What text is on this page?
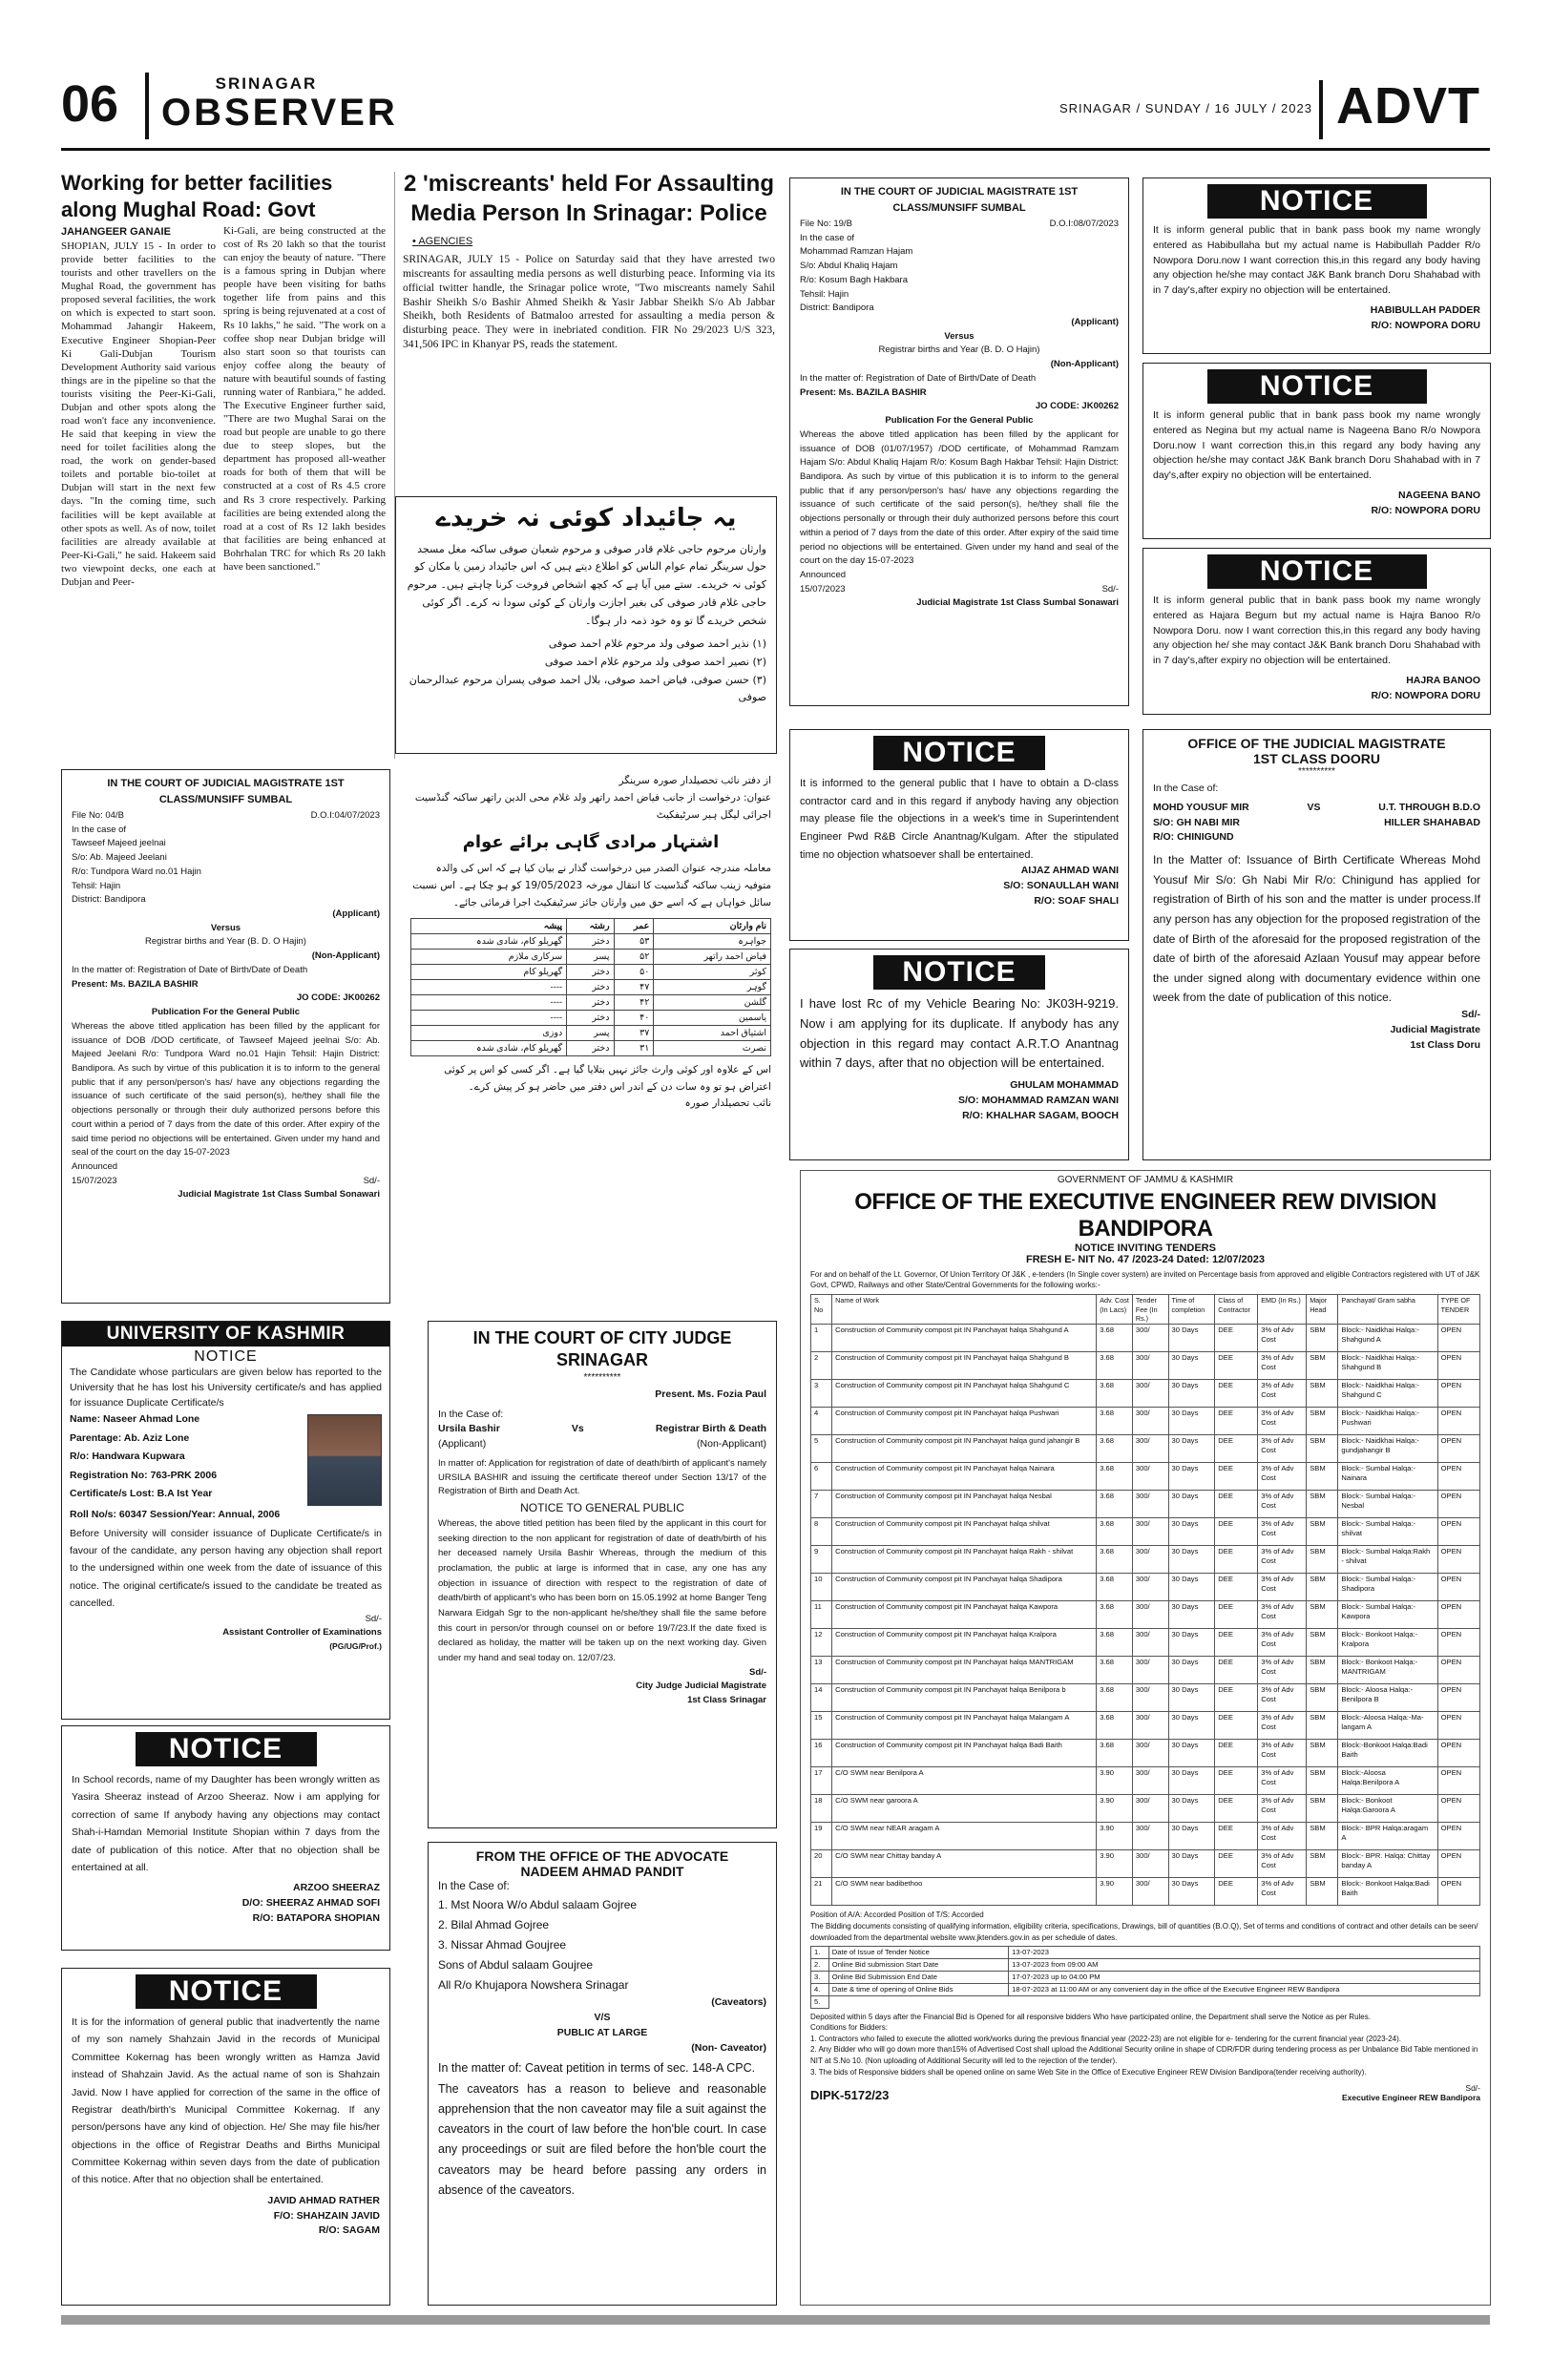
06	SRINAGAR
OBSERVER	SRINAGAR / SUNDAY / 16 JULY / 2023 ADVT
Working for better facilities along Mughal Road: Govt
JAHANGEER GANAIE
SHOPIAN, JULY 15 - In order to provide better facilities to the tourists and other travellers on the Mughal Road, the government has proposed several facilities, the work on which is expected to start soon. Mohammad Jahangir Hakeem, Executive Engineer Shopian-Peer Ki Gali-Dubjan Tourism Development Authority said various things are in the pipeline so that the tourists visiting the Peer-Ki-Gali, Dubjan and other spots along the road won't face any inconvenience. He said that keeping in view the need for toilet facilities along the road, the work on gender-based toilets and portable bio-toilet at Dubjan will start in the next few days. "In the coming time, such facilities will be kept available at other spots as well. As of now, toilet facilities are already available at Peer-Ki-Gali," he said. Hakeem said two viewpoint decks, one each at Dubjan and Peer-
Ki-Gali, are being constructed at the cost of Rs 20 lakh so that the tourist can enjoy the beauty of nature. "There is a famous spring in Dubjan where people have been visiting for baths together life from pains and this spring is being rejuvenated at a cost of Rs 10 lakhs," he said. "The work on a coffee shop near Dubjan bridge will also start soon so that tourists can enjoy coffee along the beauty of nature with beautiful sounds of fasting running water of Ranbiara," he added. The Executive Engineer further said, "There are two Mughal Sarai on the road but people are unable to go there due to steep slopes, but the department has proposed all-weather roads for both of them that will be constructed at a cost of Rs 4.5 crore and Rs 3 crore respectively. Parking facilities are being extended along the road at a cost of Rs 12 lakh besides that facilities are being enhanced at Bohrhalan TRC for which Rs 20 lakh have been sanctioned."
2 'miscreants' held For Assaulting Media Person In Srinagar: Police
• AGENCIES
SRINAGAR, JULY 15 - Police on Saturday said that they have arrested two miscreants for assaulting media persons as well disturbing peace. Informing via its official twitter handle, the Srinagar police wrote, "Two miscreants namely Sahil Bashir Sheikh S/o Bashir Ahmed Sheikh & Yasir Jabbar Sheikh S/o Ab Jabbar Sheikh, both Residents of Batmaloo arrested for assaulting a media person & disturbing peace. They were in inebriated condition. FIR No 29/2023 U/S 323, 341,506 IPC in Khanyar PS, reads the statement.
یہ جائیداد کوئی نہ خریدے
وارثان مرحوم حاجی غلام قادر صوفی و مرحوم شعبان صوفی ساکنہ مغل مسجد حول سرینگر تمام عوام الناس کو اطلاع دیتے ہیں کہ اس جائیداد زمین یا مکان کو کوئی نہ خریدے۔ ستے میں آیا ہے کہ کچھ اشخاص فروخت کرنا چاہتے ہیں۔ مرحوم حاجی غلام قادر صوفی کی بغیر اجازت وارثان کے کوئی سودا نہ کرے۔ اگر کوئی شخص خریدے گا تو وہ خود ذمہ دار ہوگا۔
(۱) نذیر احمد صوفی ولد مرحوم غلام احمد صوفی
(۲) نصیر احمد صوفی ولد مرحوم غلام احمد صوفی
(۳) حسن صوفی، فیاض احمد صوفی، بلال احمد صوفی پسران مرحوم عبدالرحمان صوفی
IN THE COURT OF JUDICIAL MAGISTRATE 1ST CLASS/MUNSIFF SUMBAL
File No: 19/B	D.O.I:08/07/2023
In the case of
Mohammad Ramzan Hajam
S/o: Abdul Khaliq Hajam
R/o: Kosum Bagh Hakbara
Tehsil: Hajin
District: Bandipora
(Applicant)
Versus
Registrar births and Year (B. D. O Hajin)
(Non-Applicant)
In the matter of: Registration of Date of Birth/Date of Death
Present: Ms. BAZILA BASHIR
JO CODE: JK00262
Publication For the General Public
Whereas the above titled application has been filled by the applicant for issuance of DOB (01/07/1957) /DOD certificate, of Mohammad Ramzam Hajam S/o: Abdul Khaliq Hajam R/o: Kosum Bagh Hakbar Tehsil: Hajin District: Bandipora. As such by virtue of this publication it is to inform to the general public that if any person/person's has/ have any objections regarding the issuance of such certificate of the said person(s), he/they shall file the objections personally or through their duly authorized persons before this court within a period of 7 days from the date of this order. After expiry of the said time period no objections will be entertained. Given under my hand and seal of the court on the day 15-07-2023
Announced
15/07/2023	Sd/-
Judicial Magistrate 1st Class Sumbal Sonawari
NOTICE
It is inform general public that in bank pass book my name wrongly entered as Habibullaha but my actual name is Habibullah Padder R/o Nowpora Doru.now I want correction this,in this regard any body having any objection he/she may contact J&K Bank branch Doru Shahabad with in 7 day's,after expiry no objection will be entertained.
HABIBULLAH PADDER
R/O: NOWPORA DORU
NOTICE
It is inform general public that in bank pass book my name wrongly entered as Negina but my actual name is Nageena Bano R/o Nowpora Doru.now I want correction this,in this regard any body having any objection he/she may contact J&K Bank branch Doru Shahabad with in 7 day's,after expiry no objection will be entertained.
NAGEENA BANO
R/O: NOWPORA DORU
NOTICE
It is inform general public that in bank pass book my name wrongly entered as Hajara Begum but my actual name is Hajra Banoo R/o Nowpora Doru. now I want correction this,in this regard any body having any objection he/ she may contact J&K Bank branch Doru Shahabad with in 7 day's,after expiry no objection will be entertained.
HAJRA BANOO
R/O: NOWPORA DORU
IN THE COURT OF JUDICIAL MAGISTRATE 1ST CLASS/MUNSIFF SUMBAL
File No: 04/B	D.O.I:04/07/2023
In the case of
Tawseef Majeed jeelnai
S/o: Ab. Majeed Jeelani
R/o: Tundpora Ward no.01 Hajin
Tehsil: Hajin
District: Bandipora
(Applicant)
Versus
Registrar births and Year (B. D. O Hajin)
(Non-Applicant)
In the matter of: Registration of Date of Birth/Date of Death
Present: Ms. BAZILA BASHIR
JO CODE: JK00262
Publication For the General Public
Whereas the above titled application has been filled by the applicant for issuance of DOB /DOD certificate, of Tawseef Majeed jeelnai S/o: Ab. Majeed Jeelani R/o: Tundpora Ward no.01 Hajin Tehsil: Hajin District: Bandipora. As such by virtue of this publication it is to inform to the general public that if any person/person's has/ have any objections regarding the issuance of such certificate of the said person(s), he/they shall file the objections personally or through their duly authorized persons before this court within a period of 7 days from the date of this order. After expiry of the said time period no objections will be entertained. Given under my hand and seal of the court on the day 15-07-2023
Announced
15/07/2023	Sd/-
Judicial Magistrate 1st Class Sumbal Sonawari
از دفتر نائب تحصیلدار صورہ سرینگر
عنوان: درخواست از جانب فیاض احمد راتھر ولد غلام محی الدین راتھر ساکنہ گنڈسیت اجرائی لیگل ہیر سرٹیفکیٹ
اشتہار مرادی گاہی برائے عوام
معاملہ مندرجہ عنوان الصدر میں درخواست گذار نے بیان کیا ہے کہ اس کی والدہ متوفیہ زینب ساکنہ گنڈسیت کا انتقال مورخہ 19/05/2023 کو ہو چکا ہے۔ اس نسبت سائل خواہاں ہے کہ اسے حق میں وارثان جائز سرٹیفکیٹ اجرا فرمائی جائے۔
نام وارثان	عمر	رشتہ	پیشہ
جواہرہ	۵۳	دختر	گھریلو کام، شادی شدہ
فیاض احمد راتھر	۵۲	پسر	سرکاری ملازم
کوثر	۵۰	دختر	گھریلو کام
گوہر	۴۷	دختر	----
گلشن	۴۲	دختر	----
یاسمین	۴۰	دختر	----
اشتیاق احمد	۳۷	پسر	دوزی
نصرت	۳۱	دختر	گھریلو کام، شادی شدہ
اس کے علاوہ اور کوئی وارث جائز نہیں بتلایا گیا ہے۔ اگر کسی کو اس پر کوئی اعتراض ہو تو وہ سات دن کے اندر اس دفتر میں حاضر ہو کر پیش کرے۔
نائب تحصیلدار صورہ
NOTICE
It is informed to the general public that I have to obtain a D-class contractor card and in this regard if anybody having any objection may please file the objections in a week's time in Superintendent Engineer Pwd R&B Circle Anantnag/Kulgam. After the stipulated time no objection whatsoever shall be entertained.
AIJAZ AHMAD WANI
S/O: SONAULLAH WANI
R/O: SOAF SHALI
NOTICE
I have lost Rc of my Vehicle Bearing No: JK03H-9219. Now i am applying for its duplicate. If anybody has any objection in this regard may contact A.R.T.O Anantnag within 7 days, after that no objection will be entertained.
GHULAM MOHAMMAD
S/O: MOHAMMAD RAMZAN WANI
R/O: KHALHAR SAGAM, BOOCH
OFFICE OF THE JUDICIAL MAGISTRATE
1ST CLASS DOORU
**********
In the Case of:
MOHD YOUSUF MIR	VS	U.T. THROUGH B.D.O
S/O: GH NABI MIR	HILLER SHAHABAD
R/O: CHINIGUND
In the Matter of: Issuance of Birth Certificate Whereas Mohd Yousuf Mir S/o: Gh Nabi Mir R/o: Chinigund has applied for registration of Birth of his son and the matter is under process.If any person has any objection for the proposed registration of the date of Birth of the aforesaid for the proposed registration of the date of birth of the aforesaid Azlaan Yousuf may appear before the under signed along with documentary evidence within one week from the date of publication of this notice.
Sd/-
Judicial Magistrate
1st Class Doru
GOVERNMENT OF JAMMU & KASHMIR
OFFICE OF THE EXECUTIVE ENGINEER REW DIVISION BANDIPORA
NOTICE INVITING TENDERS
FRESH E- NIT No. 47 /2023-24 Dated: 12/07/2023
For and on behalf of the Lt. Governor, Of Union Territory Of J&K , e-tenders (In Single cover system) are invited on Percentage basis from approved and eligible Contractors registered with UT of J&K Govt, CPWD, Railways and other State/Central Governments for the following works:-
S. No	Name of Work	Adv. Cost (In Lacs)	Tender Fee (In Rs.)	Time of completion	Class of Contractor	EMD (In Rs.)	Major Head	Panchayat/ Gram sabha	TYPE OF TENDER
1	Construction of Community compost pit IN Panchayat halqa Shahgund A	3.68	300/	30 Days	DEE	3% of Adv Cost	SBM	Block:- Naidkhai Halqa:- Shahgund A	OPEN
2	Construction of Community compost pit IN Panchayat halqa Shahgund B	3.68	300/	30 Days	DEE	3% of Adv Cost	SBM	Block:- Naidkhai Halqa:- Shahgund B	OPEN
3	Construction of Community compost pit IN Panchayat halqa Shahgund C	3.68	300/	30 Days	DEE	3% of Adv Cost	SBM	Block:- Naidkhai Halqa:- Shahgund C	OPEN
4	Construction of Community compost pit IN Panchayat halqa Pushwari	3.68	300/	30 Days	DEE	3% of Adv Cost	SBM	Block:- Naidkhai Halqa:- Pushwari	OPEN
5	Construction of Community compost pit IN Panchayat halqa gund jahangir B	3.68	300/	30 Days	DEE	3% of Adv Cost	SBM	Block:- Naidkhai Halqa:- gundjahangir B	OPEN
6	Construction of Community compost pit IN Panchayat halqa Nainara	3.68	300/	30 Days	DEE	3% of Adv Cost	SBM	Block:- Sumbal Halqa:- Nainara	OPEN
7	Construction of Community compost pit IN Panchayat halqa Nesbal	3.68	300/	30 Days	DEE	3% of Adv Cost	SBM	Block:- Sumbal Halqa:-Nesbal	OPEN
8	Construction of Community compost pit IN Panchayat halqa shilvat	3.68	300/	30 Days	DEE	3% of Adv Cost	SBM	Block:- Sumbal Halqa:- shilvat	OPEN
9	Construction of Community compost pit IN Panchayat halqa Rakh - shilvat	3.68	300/	30 Days	DEE	3% of Adv Cost	SBM	Block:- Sumbal Halqa:Rakh - shilvat	OPEN
10	Construction of Community compost pit IN Panchayat halqa Shadipora	3.68	300/	30 Days	DEE	3% of Adv Cost	SBM	Block:- Sumbal Halqa:- Shadipora	OPEN
11	Construction of Community compost pit IN Panchayat halqa Kawpora	3.68	300/	30 Days	DEE	3% of Adv Cost	SBM	Block:- Sumbal Halqa:- Kawpora	OPEN
12	Construction of Community compost pit IN Panchayat halqa Kralpora	3.68	300/	30 Days	DEE	3% of Adv Cost	SBM	Block:- Bonkoot Halqa:- Kralpora	OPEN
13	Construction of Community compost pit IN Panchayat halqa MANTRIGAM	3.68	300/	30 Days	DEE	3% of Adv Cost	SBM	Block:- Bonkoot Halqa:- MANTRIGAM	OPEN
14	Construction of Community compost pit IN Panchayat halqa Benilpora b	3.68	300/	30 Days	DEE	3% of Adv Cost	SBM	Block:- Aloosa Halqa:-Benilpora B	OPEN
15	Construction of Community compost pit IN Panchayat halqa Malangam A	3.68	300/	30 Days	DEE	3% of Adv Cost	SBM	Block:-Aloosa Halqa:-Ma-langam A	OPEN
16	Construction of Community compost pit IN Panchayat halqa Badi Baith	3.68	300/	30 Days	DEE	3% of Adv Cost	SBM	Block:-Bonkoot Halqa:Badi Baith	OPEN
17	C/O SWM near Benilpora A	3.90	300/	30 Days	DEE	3% of Adv Cost	SBM	Block:-Aloosa Halqa:Benilpora A	OPEN
18	C/O SWM near garoora A	3.90	300/	30 Days	DEE	3% of Adv Cost	SBM	Block:- Bonkoot Halqa:Garoora A	OPEN
19	C/O SWM near NEAR aragam A	3.90	300/	30 Days	DEE	3% of Adv Cost	SBM	Block:- BPR Halqa:aragam A	OPEN
20	C/O SWM near Chittay banday A	3.90	300/	30 Days	DEE	3% of Adv Cost	SBM	Block:- BPR. Halqa: Chittay banday A	OPEN
21	C/O SWM near badibethoo	3.90	300/	30 Days	DEE	3% of Adv Cost	SBM	Block:- Bonkoot Halqa:Badi Baith	OPEN
Position of A/A: Accorded Position of T/S: Accorded
The Bidding documents consisting of qualifying information, eligibility criteria, specifications, Drawings, bill of quantities (B.O.Q), Set of terms and conditions of contract and other details can be seen/ downloaded from the departmental website www.jktenders.gov.in as per schedule of dates.
1.	Date of Issue of Tender Notice	13-07-2023
2.	Online Bid submission Start Date	13-07-2023 from 09:00 AM
3.	Online Bid Submission End Date	17-07-2023 up to 04:00 PM
4.	Date & time of opening of Online Bids	18-07-2023 at 11:00 AM or any convenient day in the office of the Executive Engineer REW Bandipora
5.		
Deposited within 5 days after the Financial Bid is Opened for all responsive bidders Who have participated online, the Department shall serve the Notice as per Rules.
Conditions for Bidders:
1. Contractors who failed to execute the allotted work/works during the previous financial year (2022-23) are not eligible for e- tendering for the current financial year (2023-24).
2. Any Bidder who will go down more than15% of Advertised Cost shall upload the Additional Security online in shape of CDR/FDR during tendering process as per Unbalance Bid Table mentioned in NIT at S.No 10. (Non uploading of Additional Security will led to the rejection of the tender).
3. The bids of Responsive bidders shall be opened online on same Web Site in the Office of Executive Engineer REW Division Bandipora(tender receiving authority).
DIPK-5172/23	Sd/-
Executive Engineer REW Bandipora
UNIVERSITY OF KASHMIR
NOTICE
The Candidate whose particulars are given below has reported to the University that he has lost his University certificate/s and has applied for issuance Duplicate Certificate/s
Name: Naseer Ahmad Lone
Parentage: Ab. Aziz Lone
R/o: Handwara Kupwara
Registration No: 763-PRK 2006
Certificate/s Lost: B.A Ist Year
Roll No/s: 60347 Session/Year: Annual, 2006
Before University will consider issuance of Duplicate Certificate/s in favour of the candidate, any person having any objection shall report to the undersigned within one week from the date of issuance of this notice. The original certificate/s issued to the candidate be treated as cancelled.
Sd/-
Assistant Controller of Examinations
(PG/UG/Prof.)
NOTICE
In School records, name of my Daughter has been wrongly written as Yasira Sheeraz instead of Arzoo Sheeraz. Now i am applying for correction of same If anybody having any objections may contact Shah-i-Hamdan Memorial Institute Shopian within 7 days from the date of publication of this notice. After that no objection shall be entertained at all.
ARZOO SHEERAZ
D/O: SHEERAZ AHMAD SOFI
R/O: BATAPORA SHOPIAN
NOTICE
It is for the information of general public that inadvertently the name of my son namely Shahzain Javid in the records of Municipal Committee Kokernag has been wrongly written as Hamza Javid instead of Shahzain Javid. As the actual name of son is Shahzain Javid. Now I have applied for correction of the same in the office of Registrar death/birth's Municipal Committee Kokernag. If any person/persons have any kind of objection. He/ She may file his/her objections in the office of Registrar Deaths and Births Municipal Committee Kokernag within seven days from the date of publication of this notice. After that no objection shall be entertained.
JAVID AHMAD RATHER
F/O: SHAHZAIN JAVID
R/O: SAGAM
IN THE COURT OF CITY JUDGE SRINAGAR
**********
Present. Ms. Fozia Paul
In the Case of:
Ursila Bashir	Vs	Registrar Birth & Death
(Applicant)	(Non-Applicant)
In matter of: Application for registration of date of death/birth of applicant's namely URSILA BASHIR and issuing the certificate thereof under Section 13/17 of the Registration of Birth and Death Act.
NOTICE TO GENERAL PUBLIC
Whereas, the above titled petition has been filed by the applicant in this court for seeking direction to the non applicant for registration of date of death/birth of his her deceased namely Ursila Bashir Whereas, through the medium of this proclamation, the public at large is informed that in case, any one has any objection in issuance of direction with respect to the registration of date of death/birth of applicant's who has been born on 15.05.1992 at home Banger Teng Narwara Eidgah Sgr to the non-applicant he/she/they shall file the same before this court in person/or through counsel on or before 19/7/23.If the date fixed is declared as holiday, the matter will be taken up on the next working day. Given under my hand and seal today on. 12/07/23.
Sd/-
City Judge Judicial Magistrate
1st Class Srinagar
FROM THE OFFICE OF THE ADVOCATE
NADEEM AHMAD PANDIT
In the Case of:
1. Mst Noora W/o Abdul salaam Gojree
2. Bilal Ahmad Gojree
3. Nissar Ahmad Goujree
Sons of Abdul salaam Goujree
All R/o Khujapora Nowshera Srinagar
(Caveators)
V/S
PUBLIC AT LARGE
(Non- Caveator)
In the matter of: Caveat petition in terms of sec. 148-A CPC.
The caveators has a reason to believe and reasonable apprehension that the non caveator may file a suit against the caveators in the court of law before the hon'ble court. In case any proceedings or suit are filed before the hon'ble court the caveators may be heard before passing any orders in absence of the caveators.
